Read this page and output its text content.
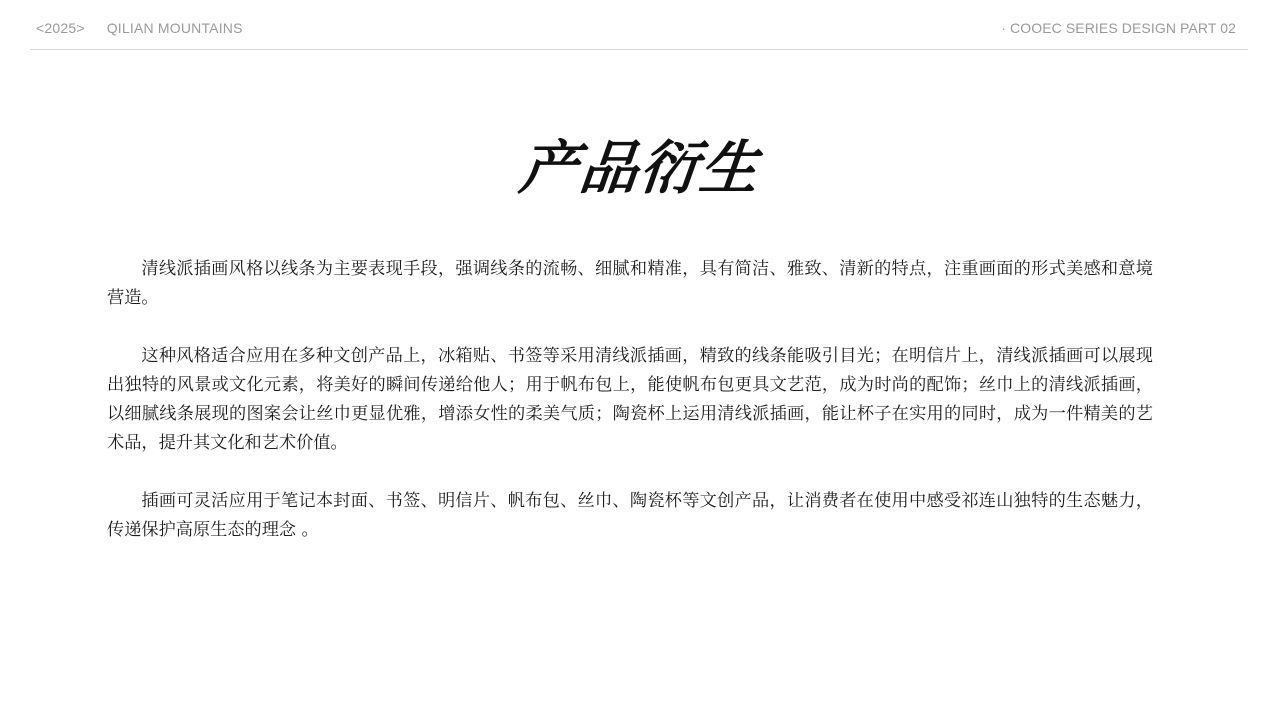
<2025> QILIAN MOUNTAINS	· COOEC SERIES DESIGN PART 02
产品衍生

清线派插画风格以线条为主要表现手段，强调线条的流畅、细腻和精准，具有简洁、雅致、清新的特点，注重画面的形式美感和意境营造。

这种风格适合应用在多种文创产品上，冰箱贴、书签等采用清线派插画，精致的线条能吸引目光；在明信片上，清线派插画可以展现出独特的风景或文化元素，将美好的瞬间传递给他人；用于帆布包上，能使帆布包更具文艺范，成为时尚的配饰；丝巾上的清线派插画，以细腻线条展现的图案会让丝巾更显优雅，增添女性的柔美气质；陶瓷杯上运用清线派插画，能让杯子在实用的同时，成为一件精美的艺术品，提升其文化和艺术价值。

插画可灵活应用于笔记本封面、书签、明信片、帆布包、丝巾、陶瓷杯等文创产品，让消费者在使用中感受祁连山独特的生态魅力，传递保护高原生态的理念 。
